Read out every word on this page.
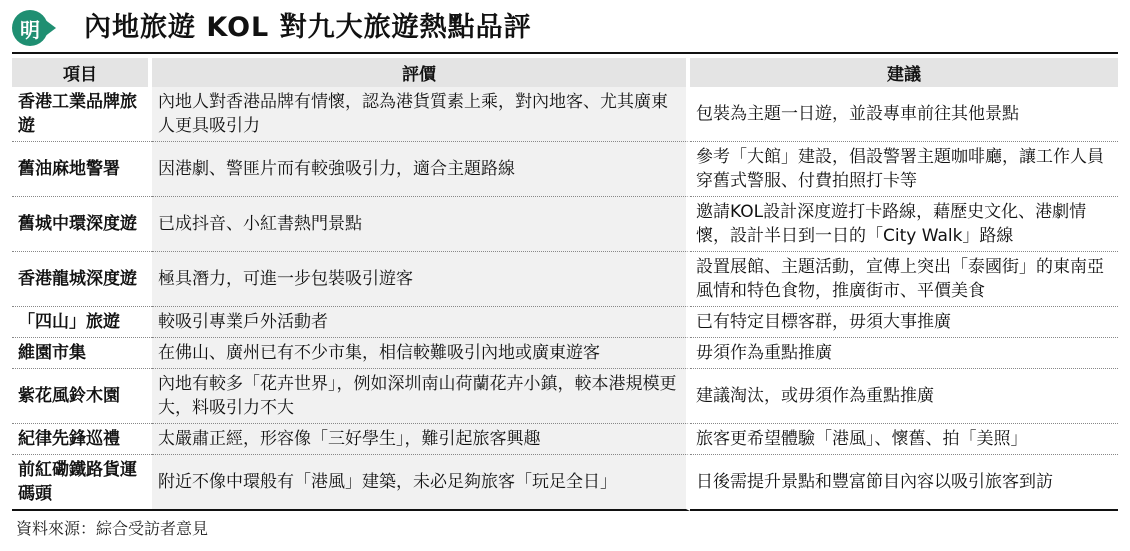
明 內地旅遊 KOL 對九大旅遊熱點品評
項目	評價	建議
香港工業品牌旅遊	內地人對香港品牌有情懷，認為港貨質素上乘，對內地客、尤其廣東人更具吸引力	包裝為主題一日遊，並設專車前往其他景點
舊油麻地警署	因港劇、警匪片而有較強吸引力，適合主題路線	參考「大館」建設，倡設警署主題咖啡廳，讓工作人員穿舊式警服、付費拍照打卡等
舊城中環深度遊	已成抖音、小紅書熱門景點	邀請KOL設計深度遊打卡路線，藉歷史文化、港劇情懷，設計半日到一日的「City Walk」路線
香港龍城深度遊	極具潛力，可進一步包裝吸引遊客	設置展館、主題活動，宣傳上突出「泰國街」的東南亞風情和特色食物，推廣街市、平價美食
「四山」旅遊	較吸引專業戶外活動者	已有特定目標客群，毋須大事推廣
維園市集	在佛山、廣州已有不少市集，相信較難吸引內地或廣東遊客	毋須作為重點推廣
紫花風鈴木園	內地有較多「花卉世界」，例如深圳南山荷蘭花卉小鎮，較本港規模更大，料吸引力不大	建議淘汰，或毋須作為重點推廣
紀律先鋒巡禮	太嚴肅正經，形容像「三好學生」，難引起旅客興趣	旅客更希望體驗「港風」、懷舊、拍「美照」
前紅磡鐵路貨運碼頭	附近不像中環般有「港風」建築，未必足夠旅客「玩足全日」	日後需提升景點和豐富節目內容以吸引旅客到訪
資料來源：綜合受訪者意見
